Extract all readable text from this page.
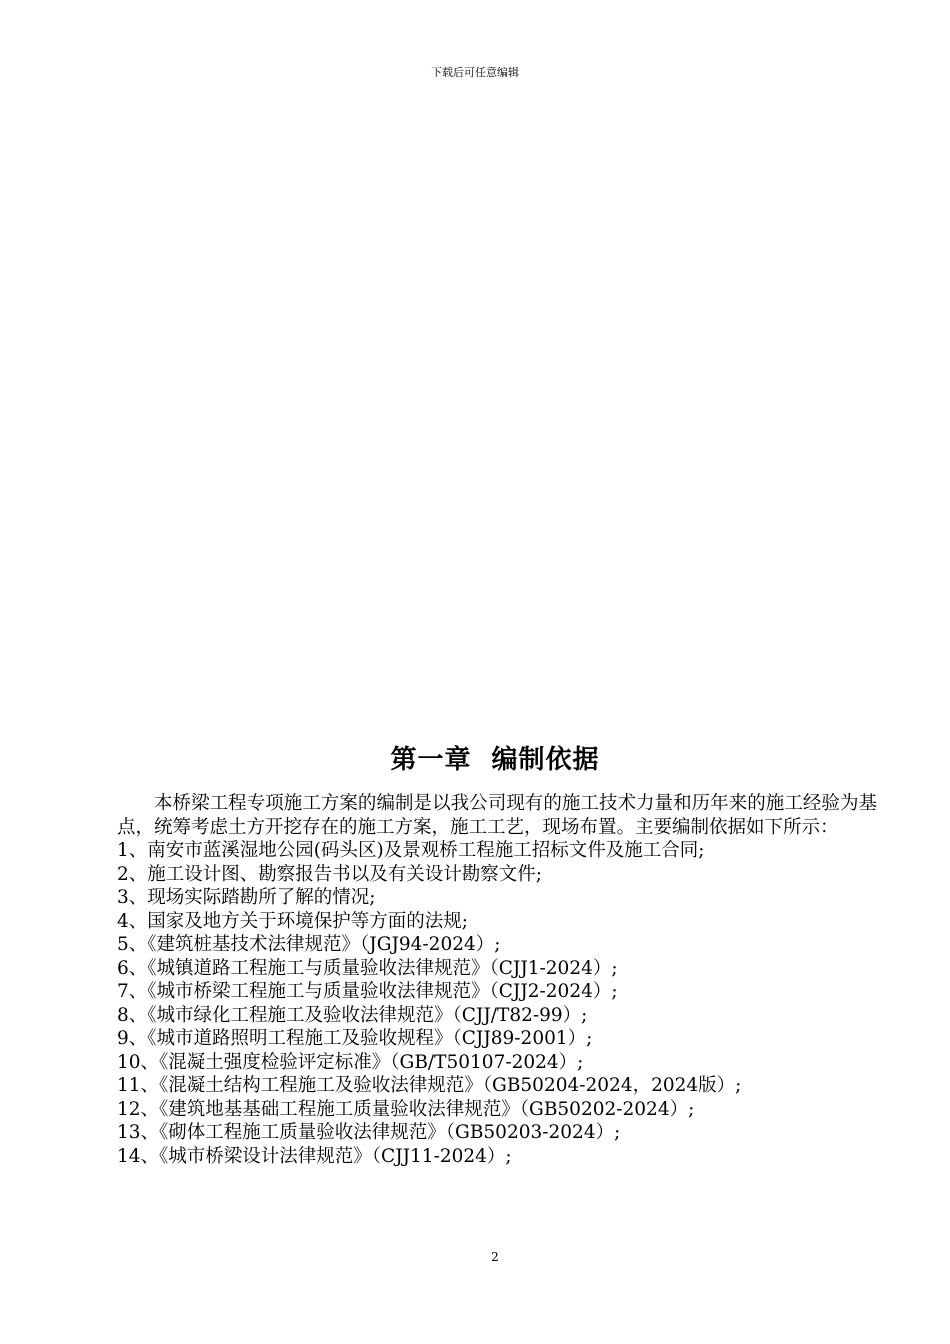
下载后可任意编辑
第一章  编制依据

本桥梁工程专项施工方案的编制是以我公司现有的施工技术力量和历年来的施工经验为基点，统筹考虑土方开挖存在的施工方案，施工工艺，现场布置。主要编制依据如下所示：

1、南安市蓝溪湿地公园(码头区)及景观桥工程施工招标文件及施工合同;
2、施工设计图、勘察报告书以及有关设计勘察文件;
3、现场实际踏勘所了解的情况;
4、国家及地方关于环境保护等方面的法规;
5、《建筑桩基技术法律规范》（JGJ94-2024）;
6、《城镇道路工程施工与质量验收法律规范》（CJJ1-2024）;
7、《城市桥梁工程施工与质量验收法律规范》（CJJ2-2024）;
8、《城市绿化工程施工及验收法律规范》（CJJ/T82-99）;
9、《城市道路照明工程施工及验收规程》（CJJ89-2001）;
10、《混凝土强度检验评定标准》（GB/T50107-2024）;
11、《混凝土结构工程施工及验收法律规范》（GB50204-2024，2024版）;
12、《建筑地基基础工程施工质量验收法律规范》（GB50202-2024）;
13、《砌体工程施工质量验收法律规范》（GB50203-2024）;
14、《城市桥梁设计法律规范》（CJJ11-2024）;
2
